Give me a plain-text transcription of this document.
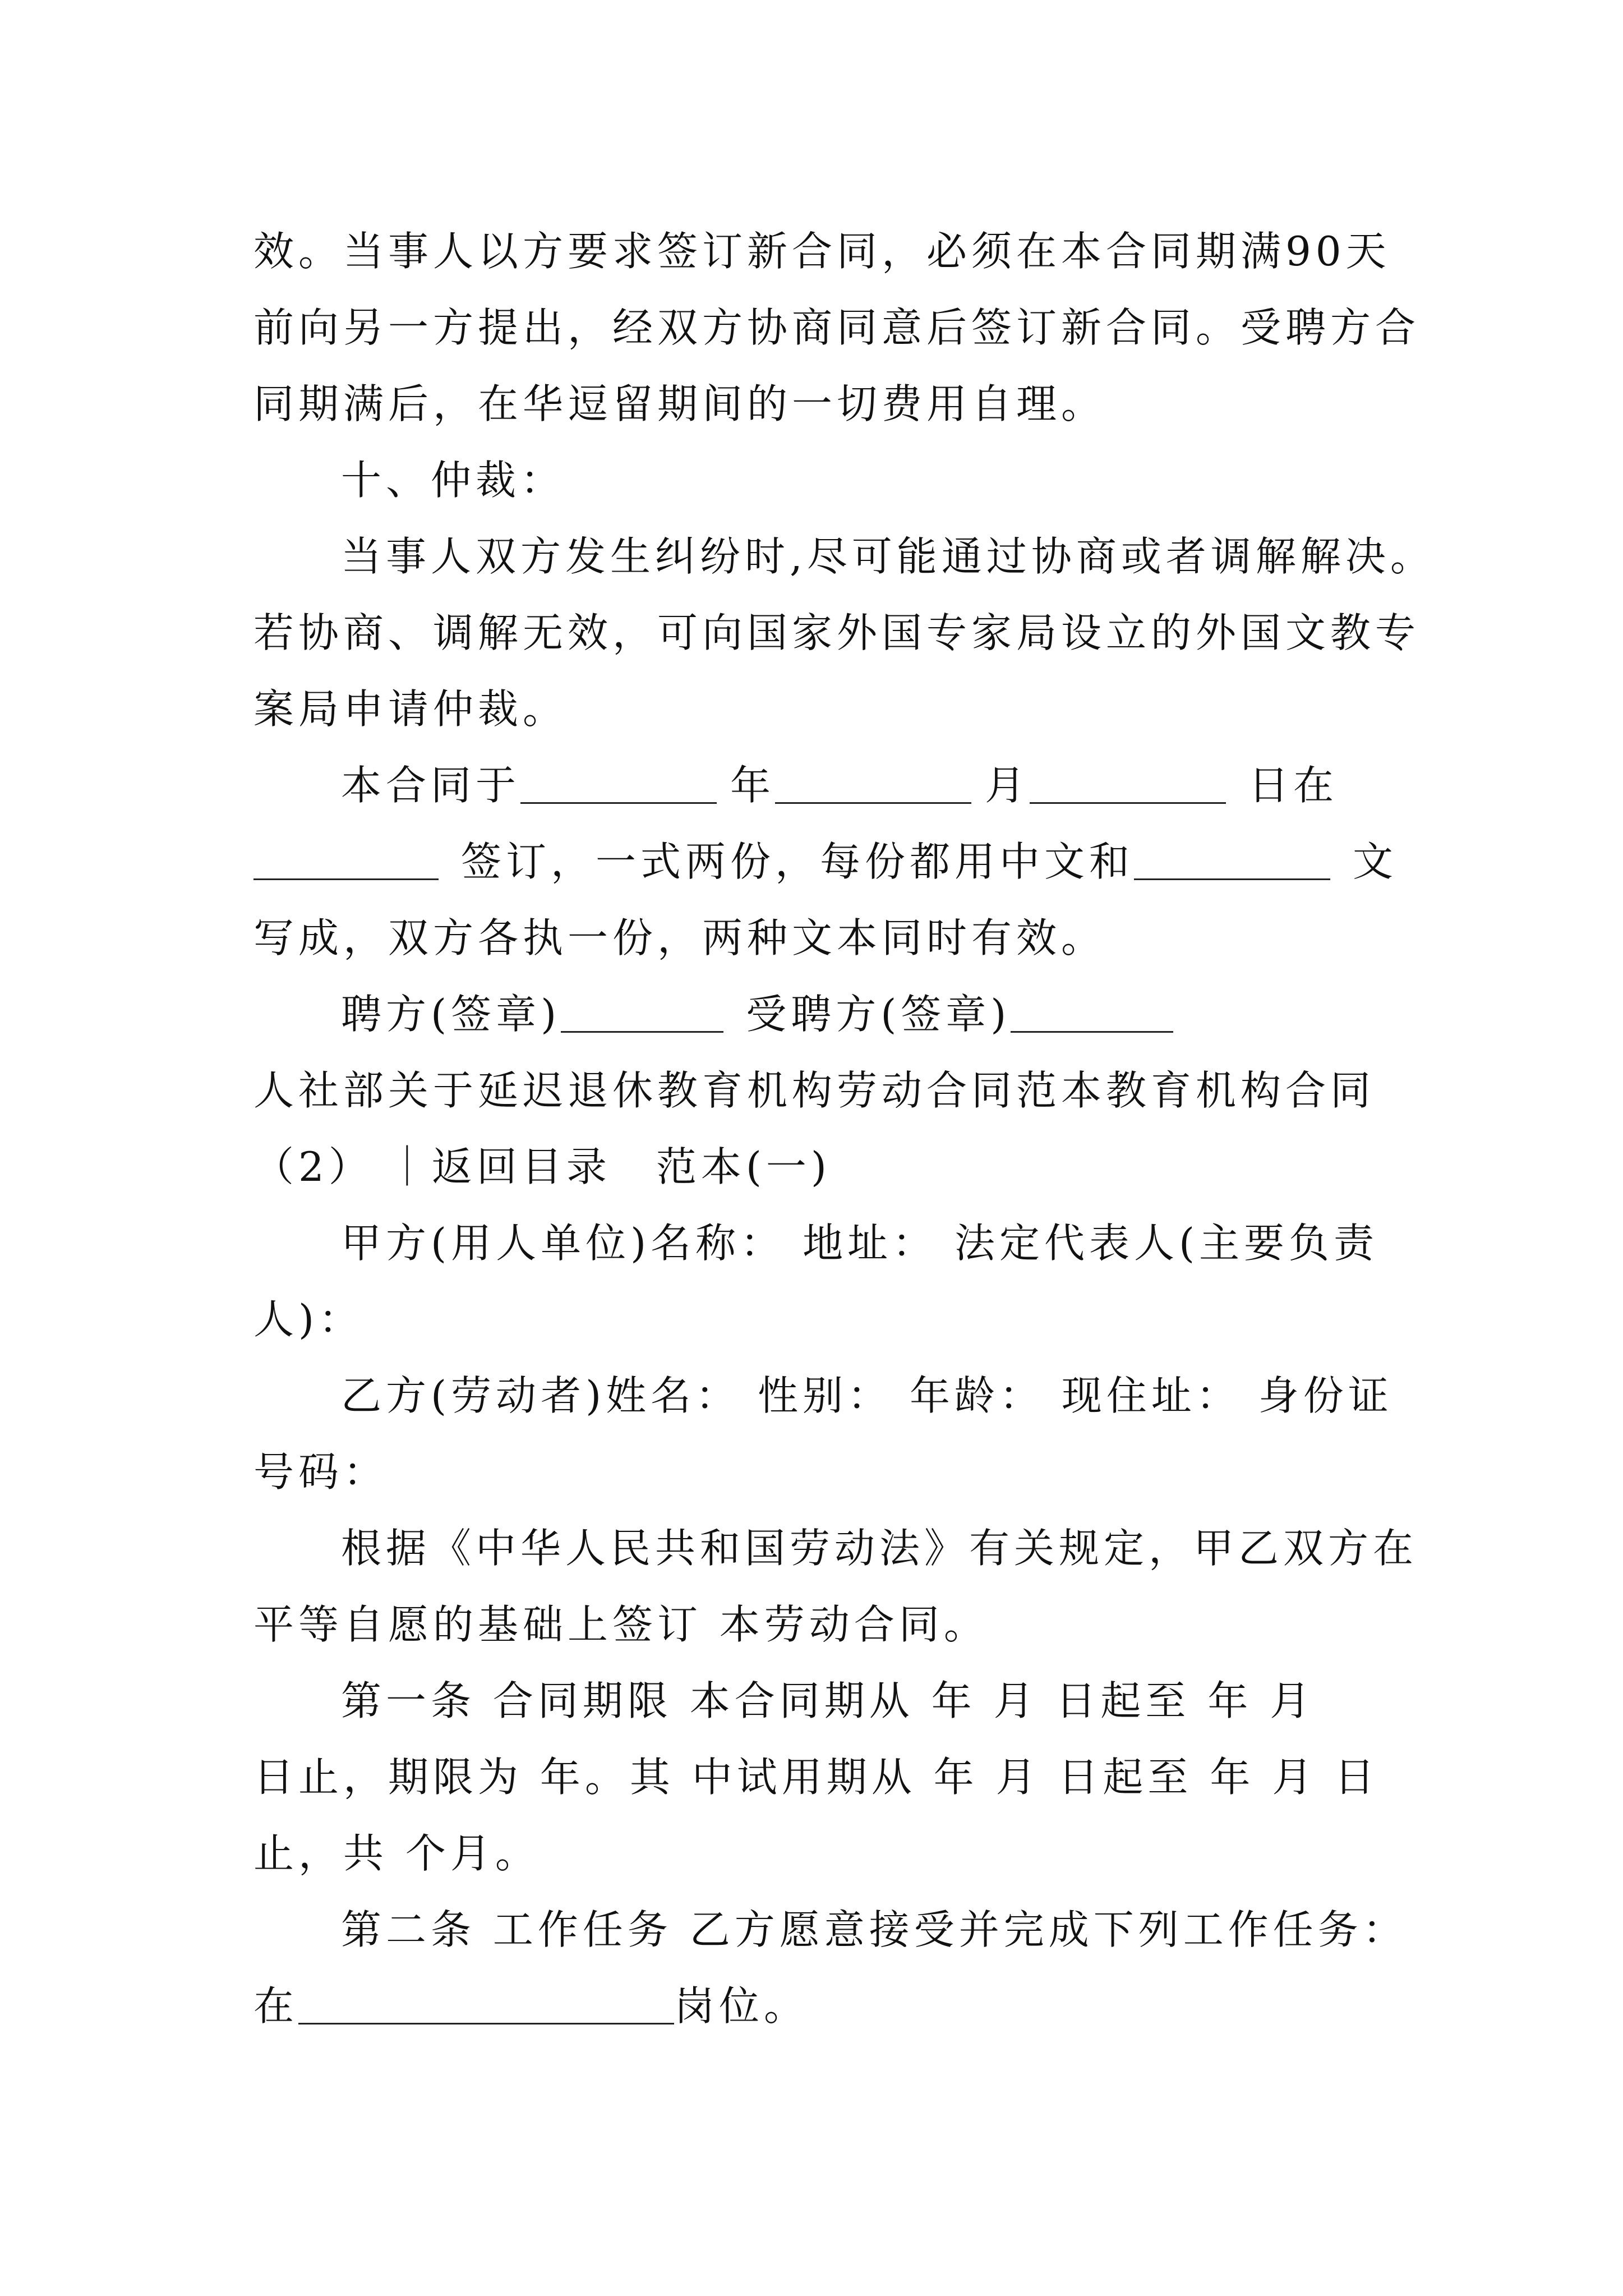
效。当事人以方要求签订新合同，必须在本合同期满90天
前向另一方提出，经双方协商同意后签订新合同。受聘方合
同期满后，在华逗留期间的一切费用自理。
十、仲裁：
当事人双方发生纠纷时,尽可能通过协商或者调解解决。
若协商、调解无效，可向国家外国专家局设立的外国文教专
案局申请仲裁。
本合同于	年	月	日在
签订，一式两份，每份都用中文和	文
写成，双方各执一份，两种文本同时有效。
聘方(签章)	受聘方(签章)
人社部关于延迟退休教育机构劳动合同范本教育机构合同
（2） ｜返回目录 范本(一)
甲方(用人单位)名称： 地址： 法定代表人(主要负责
人)：
乙方(劳动者)姓名： 性别： 年龄： 现住址： 身份证
号码：
根据《中华人民共和国劳动法》有关规定，甲乙双方在
平等自愿的基础上签订 本劳动合同。
第一条 合同期限 本合同期从 年 月 日起至 年 月
日止，期限为 年。其 中试用期从 年 月 日起至 年 月 日
止，共 个月。
第二条 工作任务 乙方愿意接受并完成下列工作任务：
在	岗位。
